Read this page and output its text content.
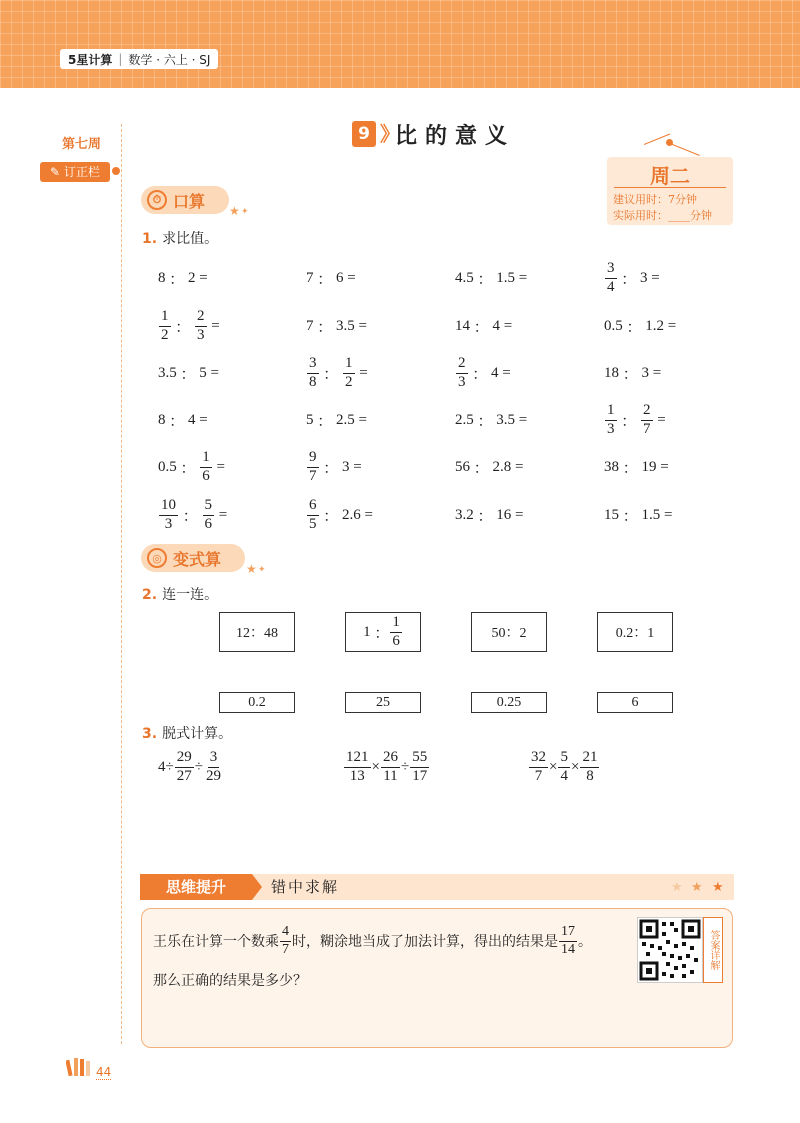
5星计算 | 数学 · 六上 · SJ
第七周
✎ 订正栏
9 》
比的意义
周二
建议用时：7分钟
实际用时：____分钟
⏱ 口算
★ ✦
1. 求比值。
◎ 变式算
★ ✦
2. 连一连。
12：48	1 ： $\frac{1}{6}$	50：2	0.2：1
0.2	25	0.25	6
3. 脱式计算。
$4\div \frac{29}{27} \div \frac{3}{29}$	$\frac{121}{13} \times \frac{26}{11} \div \frac{55}{17}$	$\frac{32}{7} \times \frac{5}{4} \times \frac{21}{8}$
思维提升	错中求解	★ ★ ★
王乐在计算一个数乘 $\frac{4}{7}$ 时，糊涂地当成了加法计算，得出的结果是 $\frac{17}{14}$ 。
那么正确的结果是多少？
答案详解
44
8 ： 2 =	7 ： 6 =	4.5 ： 1.5 =	$\frac{3}{4}$ ： 3 =
$\frac{1}{2}$ ： $\frac{2}{3}$ =	7 ： 3.5 =	14 ： 4 =	0.5 ： 1.2 =
3.5 ： 5 =	$\frac{3}{8}$ ： $\frac{1}{2}$ =	$\frac{2}{3}$ ： 4 =	18 ： 3 =
8 ： 4 =	5 ： 2.5 =	2.5 ： 3.5 =	$\frac{1}{3}$ ： $\frac{2}{7}$ =
0.5 ： $\frac{1}{6}$ =	$\frac{9}{7}$ ： 3 =	56 ： 2.8 =	38 ： 19 =
$\frac{10}{3}$ ： $\frac{5}{6}$ =	$\frac{6}{5}$ ： 2.6 =	3.2 ： 16 =	15 ： 1.5 =
